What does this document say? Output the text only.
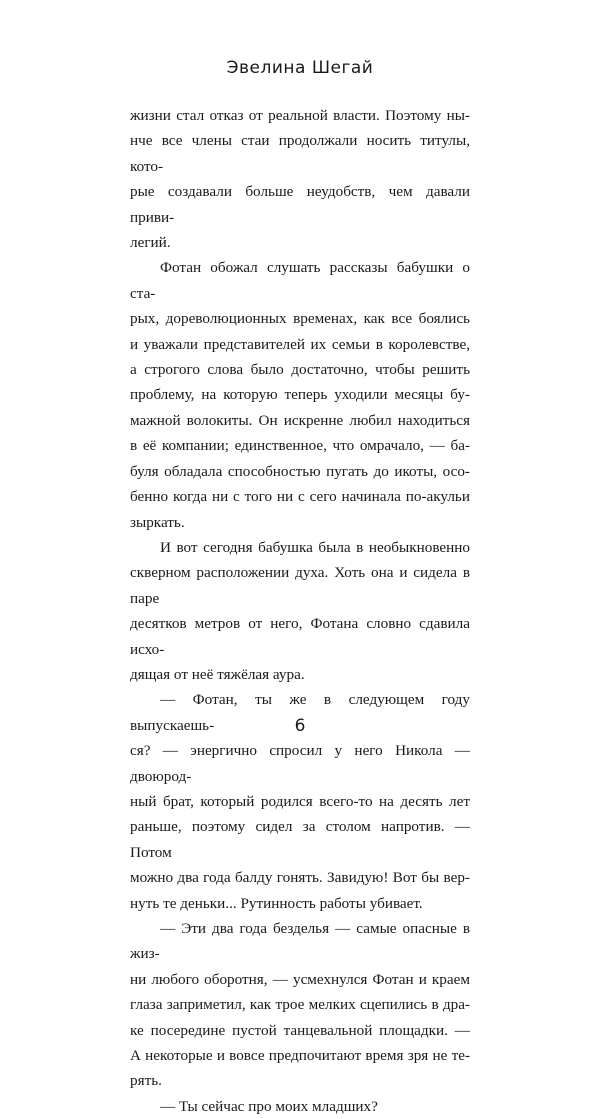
Эвелина Шегай

жизни стал отказ от реальной власти. Поэтому ны-
нче все члены стаи продолжали носить титулы, кото-
рые создавали больше неудобств, чем давали приви-
легий.

Фотан обожал слушать рассказы бабушки о ста-
рых, дореволюционных временах, как все боялись
и уважали представителей их семьи в королевстве,
а строгого слова было достаточно, чтобы решить
проблему, на которую теперь уходили месяцы бу-
мажной волокиты. Он искренне любил находиться
в её компании; единственное, что омрачало, — ба-
буля обладала способностью пугать до икоты, осо-
бенно когда ни с того ни с сего начинала по-акульи
зыркать.

И вот сегодня бабушка была в необыкновенно
скверном расположении духа. Хоть она и сидела в паре
десятков метров от него, Фотана словно сдавила исхо-
дящая от неё тяжёлая аура.

— Фотан, ты же в следующем году выпускаешь-
ся? — энергично спросил у него Никола — двоюрод-
ный брат, который родился всего-то на десять лет
раньше, поэтому сидел за столом напротив. — Потом
можно два года балду гонять. Завидую! Вот бы вер-
нуть те деньки... Рутинность работы убивает.

— Эти два года безделья — самые опасные в жиз-
ни любого оборотня, — усмехнулся Фотан и краем
глаза заприметил, как трое мелких сцепились в дра-
ке посередине пустой танцевальной площадки. —
А некоторые и вовсе предпочитают время зря не те-
рять.

— Ты сейчас про моих младших?

6
